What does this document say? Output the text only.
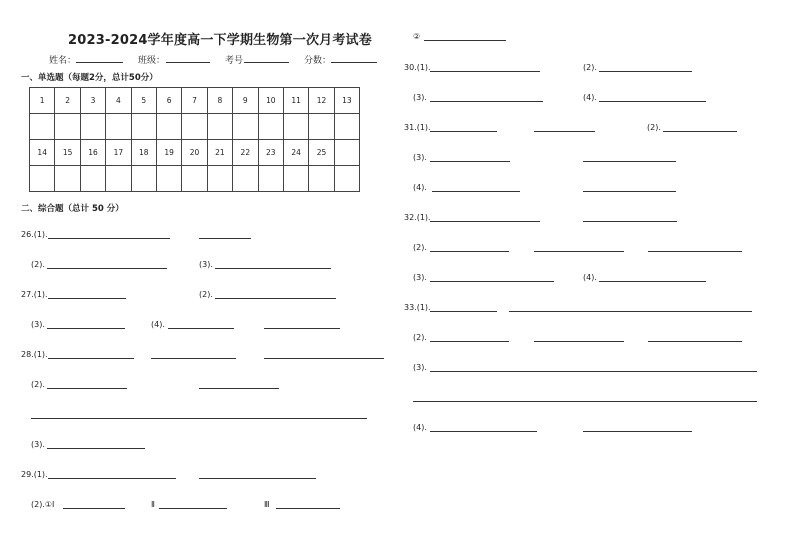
2023-2024学年度高一下学期生物第一次月考试卷
姓名：	班级：	考号	分数：
一、单选题（每题2分，总计50分）
1	2	3	4	5	6	7	8	9	10	11	12	13

14	15	16	17	18	19	20	21	22	23	24	25	

二、综合题（总计 50 分）
26.(1).
(2).	(3).
27.(1).	(2).
(3).	(4).
28.(1).
(2).
(3).
29.(1).
(2).①Ⅰ	Ⅱ	Ⅲ
②
30.(1).	(2).
(3).	(4).
31.(1).	(2).
(3).
(4).
32.(1).
(2).
(3).	(4).
33.(1).
(2).
(3).
(4).
